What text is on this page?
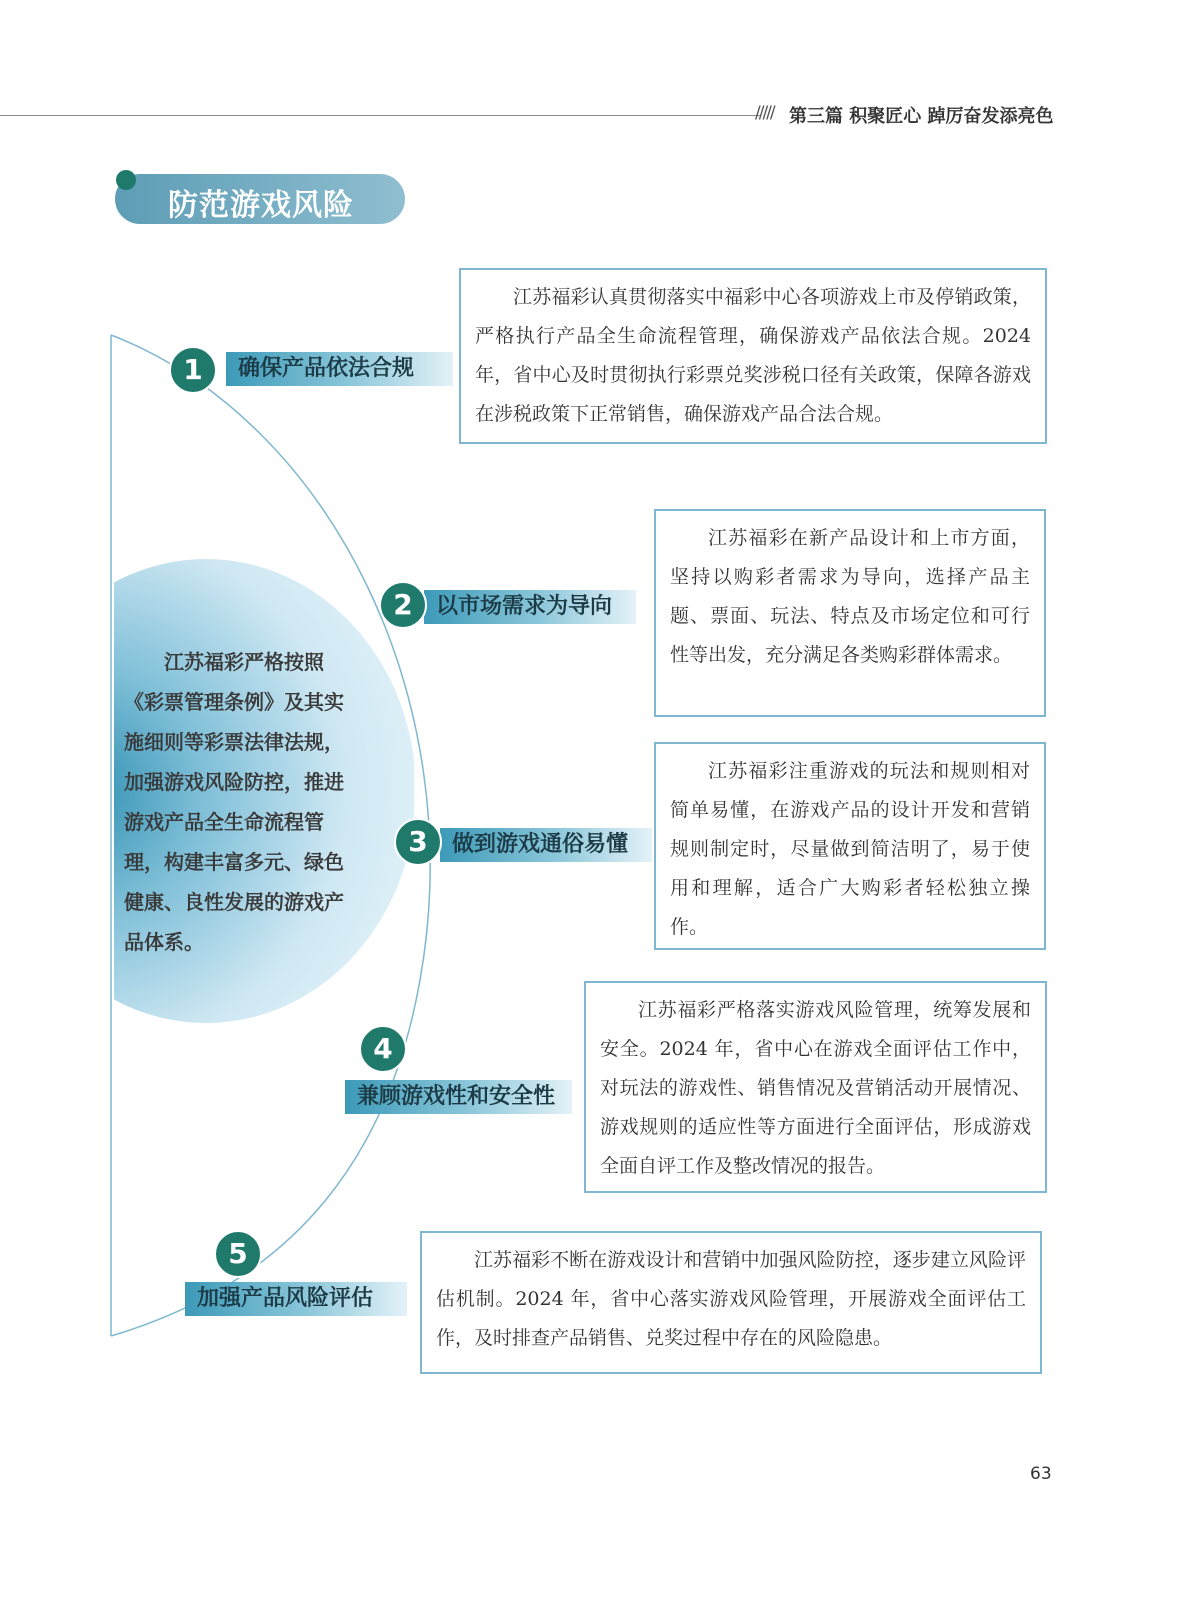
///// 第三篇 积聚匠心 踔厉奋发添亮色
防范游戏风险
江苏福彩严格按照《彩票管理条例》及其实施细则等彩票法律法规，加强游戏风险防控，推进游戏产品全生命流程管理，构建丰富多元、绿色健康、良性发展的游戏产品体系。
确保产品依法合规
1

江苏福彩认真贯彻落实中福彩中心各项游戏上市及停销政策，严格执行产品全生命流程管理，确保游戏产品依法合规。2024 年，省中心及时贯彻执行彩票兑奖涉税口径有关政策，保障各游戏在涉税政策下正常销售，确保游戏产品合法合规。

以市场需求为导向
2

江苏福彩在新产品设计和上市方面，坚持以购彩者需求为导向，选择产品主题、票面、玩法、特点及市场定位和可行性等出发，充分满足各类购彩群体需求。

做到游戏通俗易懂
3

江苏福彩注重游戏的玩法和规则相对简单易懂，在游戏产品的设计开发和营销规则制定时，尽量做到简洁明了，易于使用和理解，适合广大购彩者轻松独立操作。

4
兼顾游戏性和安全性

江苏福彩严格落实游戏风险管理，统筹发展和安全。2024 年，省中心在游戏全面评估工作中，对玩法的游戏性、销售情况及营销活动开展情况、游戏规则的适应性等方面进行全面评估，形成游戏全面自评工作及整改情况的报告。

5
加强产品风险评估

江苏福彩不断在游戏设计和营销中加强风险防控，逐步建立风险评估机制。2024 年，省中心落实游戏风险管理，开展游戏全面评估工作，及时排查产品销售、兑奖过程中存在的风险隐患。

63
